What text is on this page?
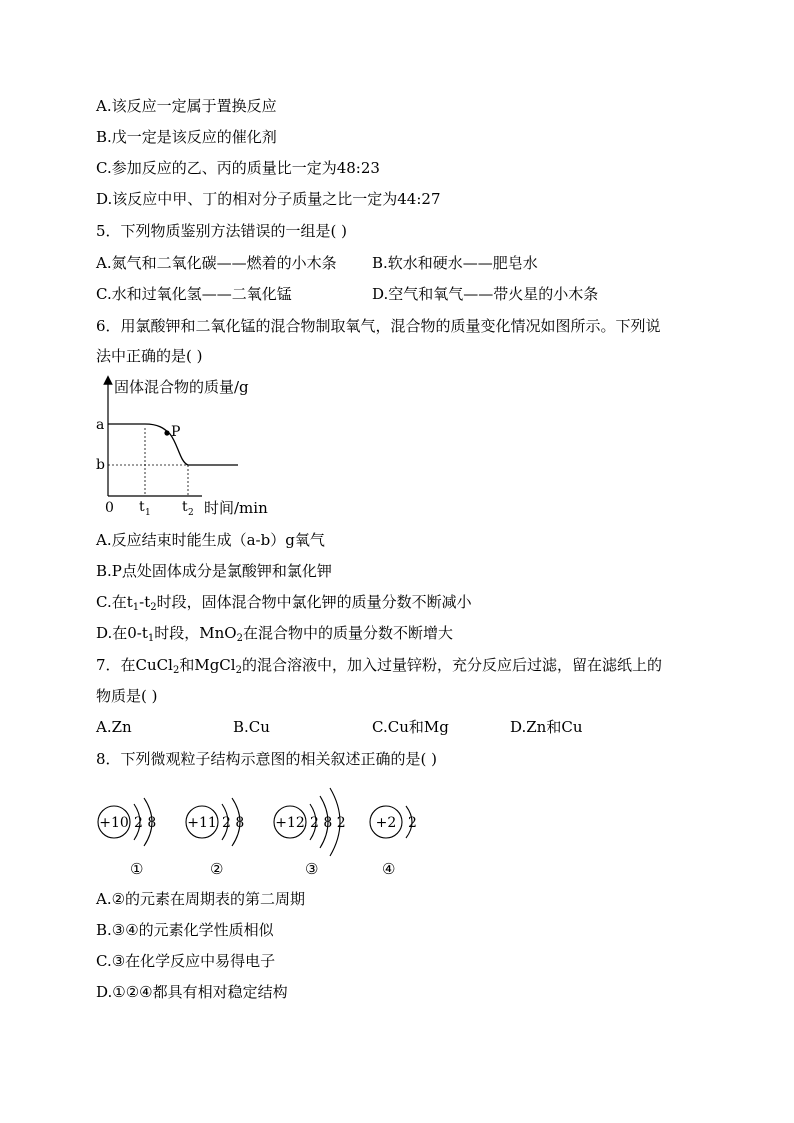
A.该反应一定属于置换反应
B.戊一定是该反应的催化剂
C.参加反应的乙、丙的质量比一定为48:23
D.该反应中甲、丁的相对分子质量之比一定为44:27
5．下列物质鉴别方法错误的一组是( )
A.氮气和二氧化碳——燃着的小木条 B.软水和硬水——肥皂水
C.水和过氧化氢——二氧化锰	D.空气和氧气——带火星的小木条
6．用氯酸钾和二氧化锰的混合物制取氧气，混合物的质量变化情况如图所示。下列说
法中正确的是( )
P
固体混合物的质量/g
a
b
0 t 1 t 2 时间/min
A.反应结束时能生成（a-b）g氧气
B.P点处固体成分是氯酸钾和氯化钾
C.在$t_1-t_2$时段，固体混合物中氯化钾的质量分数不断减小
D.在$0-t_1$时段，MnO$_2$在混合物中的质量分数不断增大
7．在CuCl$_2$和MgCl$_2$的混合溶液中，加入过量锌粉，充分反应后过滤，留在滤纸上的
物质是( )
A.Zn	B.Cu	C.Cu和Mg	D.Zn和Cu
8．下列微观粒子结构示意图的相关叙述正确的是( )
+10 2 8
①
+11 2 8
②
+12 2 8 2
③
+2 2
④
A.②的元素在周期表的第二周期
B.③④的元素化学性质相似
C.③在化学反应中易得电子
D.①②④都具有相对稳定结构
